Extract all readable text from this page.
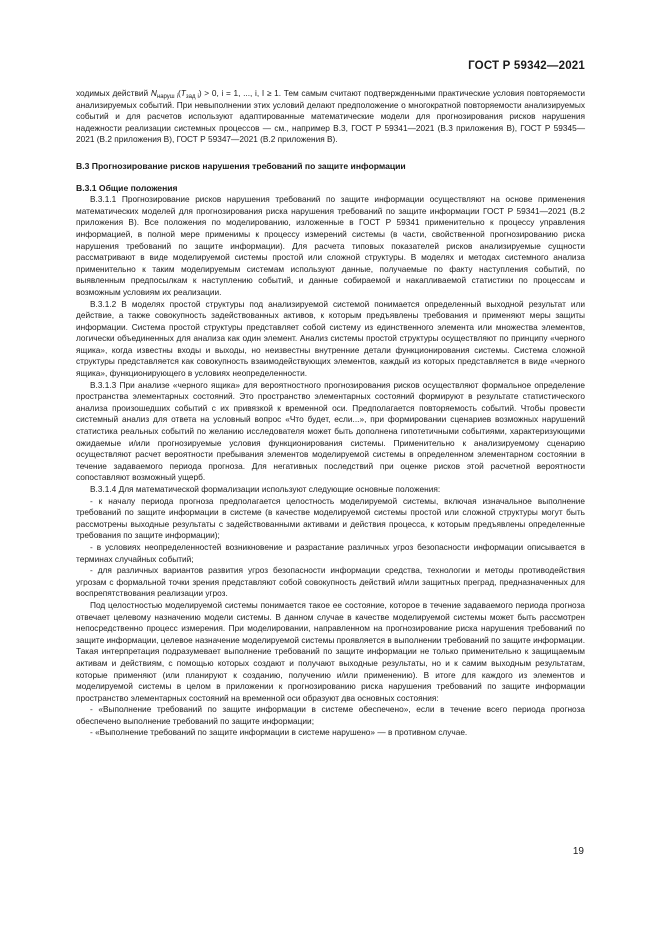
ГОСТ Р 59342—2021

ходимых действий $N_{наруш i}(T_{зад i}) > 0$, i = 1, ..., i, I ≥ 1. Тем самым считают подтвержденными практические условия повторяемости анализируемых событий. При невыполнении этих условий делают предположение о многократной повторяемости анализируемых событий и для расчетов используют адаптированные математические модели для прогнозирования рисков нарушения надежности реализации системных процессов — см., например В.3, ГОСТ Р 59341—2021 (В.3 приложения В), ГОСТ Р 59345—2021 (В.2 приложения В), ГОСТ Р 59347—2021 (В.2 приложения В).

В.3 Прогнозирование рисков нарушения требований по защите информации

В.3.1 Общие положения

В.3.1.1 Прогнозирование рисков нарушения требований по защите информации осуществляют на основе применения математических моделей для прогнозирования риска нарушения требований по защите информации ГОСТ Р 59341—2021 (В.2 приложения В). Все положения по моделированию, изложенные в ГОСТ Р 59341 применительно к процессу управления информацией, в полной мере применимы к процессу измерений системы (в части, свойственной прогнозированию риска нарушения требований по защите информации). Для расчета типовых показателей рисков анализируемые сущности рассматривают в виде моделируемой системы простой или сложной структуры. В моделях и методах системного анализа применительно к таким моделируемым системам используют данные, получаемые по факту наступления событий, по выявленным предпосылкам к наступлению событий, и данные собираемой и накапливаемой статистики по процессам и возможным условиям их реализации.

В.3.1.2 В моделях простой структуры под анализируемой системой понимается определенный выходной результат или действие, а также совокупность задействованных активов, к которым предъявлены требования и применяют меры защиты информации. Система простой структуры представляет собой систему из единственного элемента или множества элементов, логически объединенных для анализа как один элемент. Анализ системы простой структуры осуществляют по принципу «черного ящика», когда известны входы и выходы, но неизвестны внутренние детали функционирования системы. Система сложной структуры представляется как совокупность взаимодействующих элементов, каждый из которых представляется в виде «черного ящика», функционирующего в условиях неопределенности.

В.3.1.3 При анализе «черного ящика» для вероятностного прогнозирования рисков осуществляют формальное определение пространства элементарных состояний. Это пространство элементарных состояний формируют в результате статистического анализа произошедших событий с их привязкой к временной оси. Предполагается повторяемость событий. Чтобы провести системный анализ для ответа на условный вопрос «Что будет, если...», при формировании сценариев возможных нарушений статистика реальных событий по желанию исследователя может быть дополнена гипотетичными событиями, характеризующими ожидаемые и/или прогнозируемые условия функционирования системы. Применительно к анализируемому сценарию осуществляют расчет вероятности пребывания элементов моделируемой системы в определенном элементарном состоянии в течение задаваемого периода прогноза. Для негативных последствий при оценке рисков этой расчетной вероятности сопоставляют возможный ущерб.

В.3.1.4 Для математической формализации используют следующие основные положения:

- к началу периода прогноза предполагается целостность моделируемой системы, включая изначальное выполнение требований по защите информации в системе (в качестве моделируемой системы простой или сложной структуры могут быть рассмотрены выходные результаты с задействованными активами и действия процесса, к которым предъявлены определенные требования по защите информации);

- в условиях неопределенностей возникновение и разрастание различных угроз безопасности информации описывается в терминах случайных событий;

- для различных вариантов развития угроз безопасности информации средства, технологии и методы противодействия угрозам с формальной точки зрения представляют собой совокупность действий и/или защитных преград, предназначенных для воспрепятствования реализации угроз.

Под целостностью моделируемой системы понимается такое ее состояние, которое в течение задаваемого периода прогноза отвечает целевому назначению модели системы. В данном случае в качестве моделируемой системы может быть рассмотрен непосредственно процесс измерения. При моделировании, направленном на прогнозирование риска нарушения требований по защите информации, целевое назначение моделируемой системы проявляется в выполнении требований по защите информации. Такая интерпретация подразумевает выполнение требований по защите информации не только применительно к защищаемым активам и действиям, с помощью которых создают и получают выходные результаты, но и к самим выходным результатам, которые применяют (или планируют к созданию, получению и/или применению). В итоге для каждого из элементов и моделируемой системы в целом в приложении к прогнозированию риска нарушения требований по защите информации пространство элементарных состояний на временной оси образуют два основных состояния:

- «Выполнение требований по защите информации в системе обеспечено», если в течение всего периода прогноза обеспечено выполнение требований по защите информации;

- «Выполнение требований по защите информации в системе нарушено» — в противном случае.

19
